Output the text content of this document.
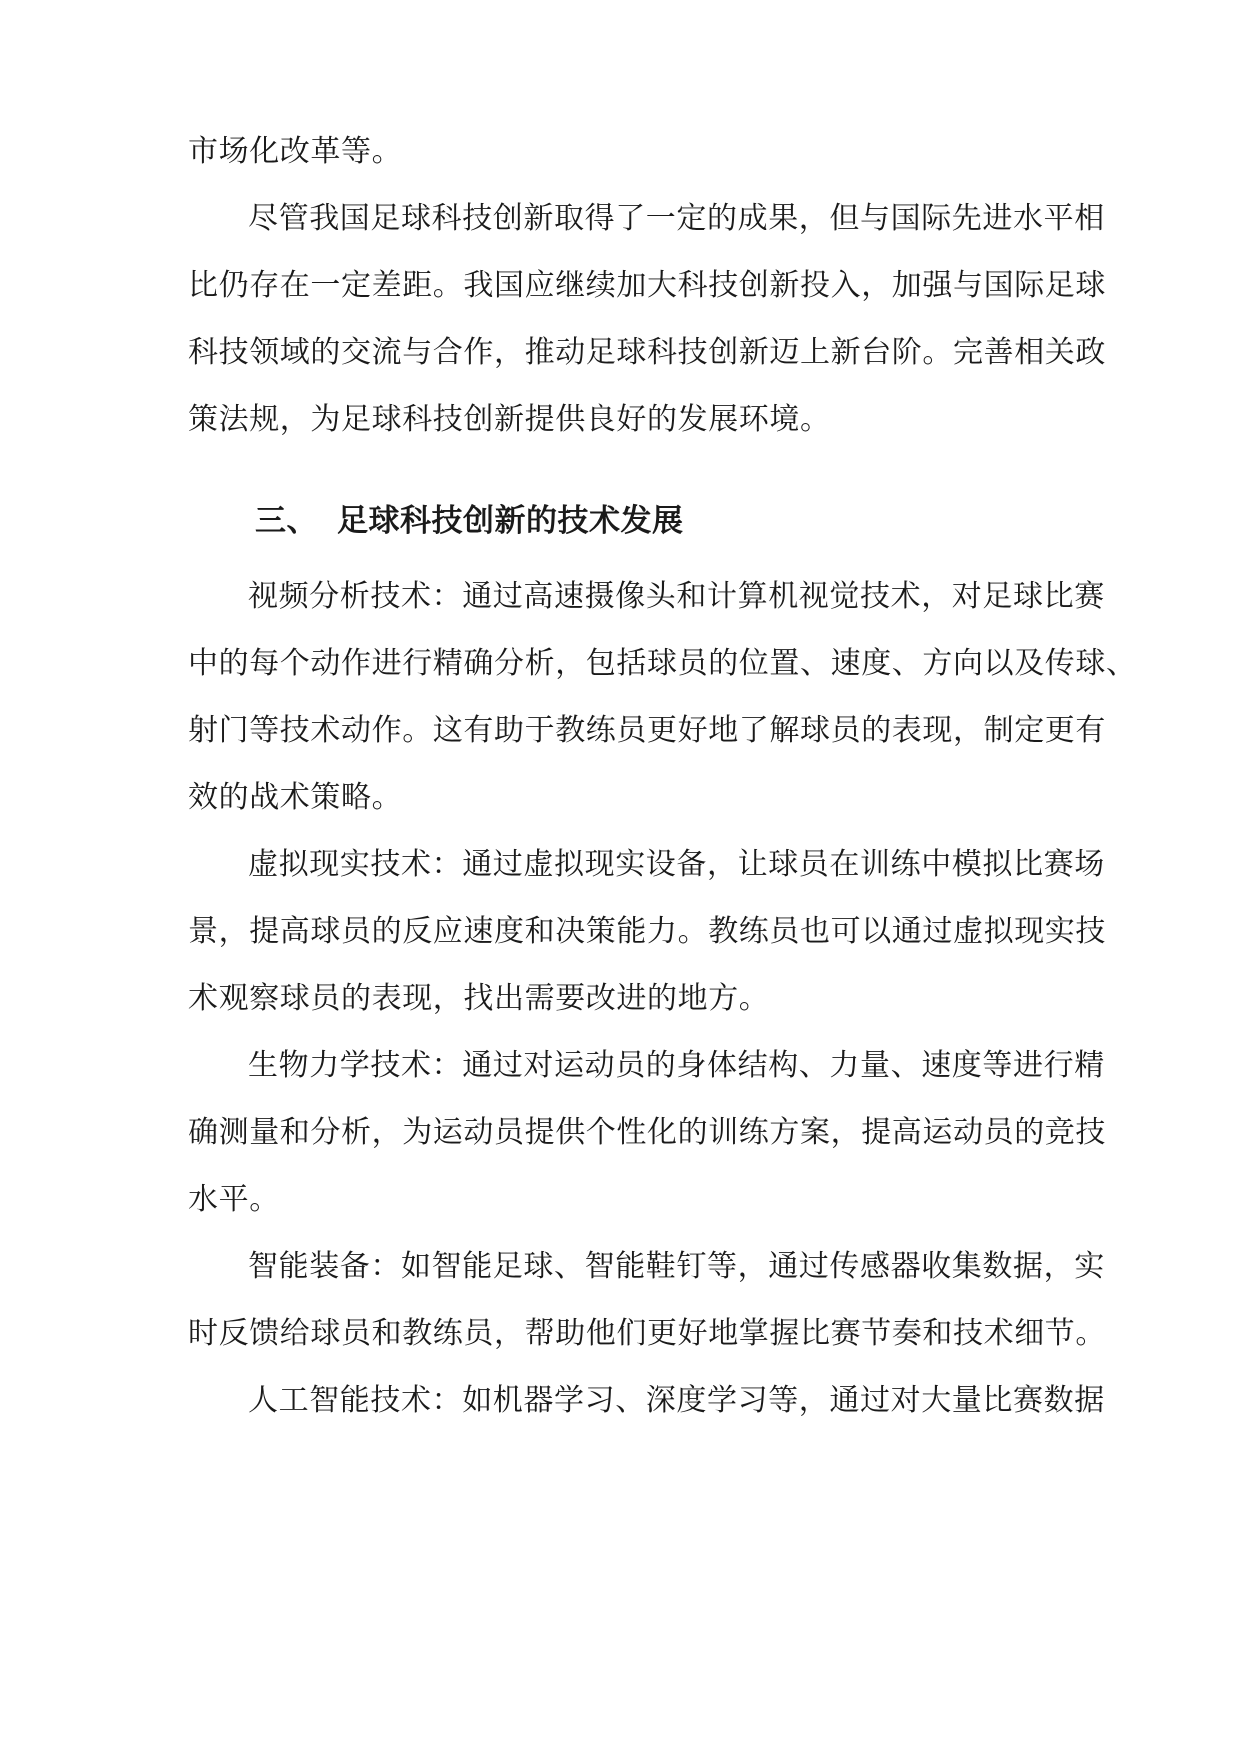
市场化改革等。
尽管我国足球科技创新取得了一定的成果，但与国际先进水平相
比仍存在一定差距。我国应继续加大科技创新投入，加强与国际足球
科技领域的交流与合作，推动足球科技创新迈上新台阶。完善相关政
策法规，为足球科技创新提供良好的发展环境。
三、 足球科技创新的技术发展
视频分析技术：通过高速摄像头和计算机视觉技术，对足球比赛
中的每个动作进行精确分析，包括球员的位置、速度、方向以及传球、
射门等技术动作。这有助于教练员更好地了解球员的表现，制定更有
效的战术策略。
虚拟现实技术：通过虚拟现实设备，让球员在训练中模拟比赛场
景，提高球员的反应速度和决策能力。教练员也可以通过虚拟现实技
术观察球员的表现，找出需要改进的地方。
生物力学技术：通过对运动员的身体结构、力量、速度等进行精
确测量和分析，为运动员提供个性化的训练方案，提高运动员的竞技
水平。
智能装备：如智能足球、智能鞋钉等，通过传感器收集数据，实
时反馈给球员和教练员，帮助他们更好地掌握比赛节奏和技术细节。
人工智能技术：如机器学习、深度学习等，通过对大量比赛数据
